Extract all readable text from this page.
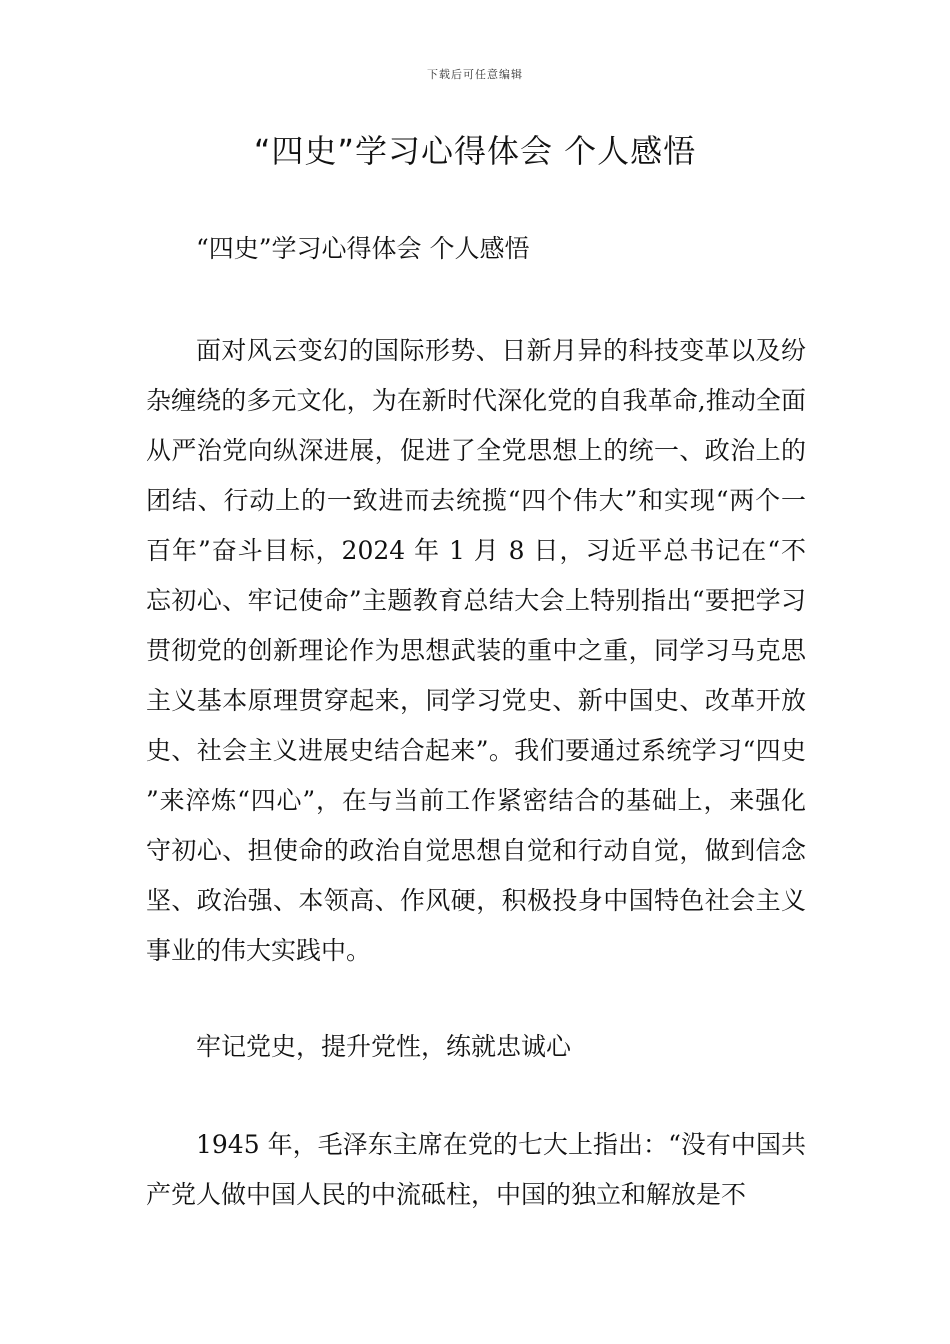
下载后可任意编辑
“四史”学习心得体会 个人感悟

“四史”学习心得体会 个人感悟

面对风云变幻的国际形势、日新月异的科技变革以及纷杂缠绕的多元文化，为在新时代深化党的自我革命,推动全面从严治党向纵深进展，促进了全党思想上的统一、政治上的团结、行动上的一致进而去统揽“四个伟大”和实现“两个一百年”奋斗目标，2024 年 1 月 8 日，习近平总书记在“不忘初心、牢记使命”主题教育总结大会上特别指出“要把学习贯彻党的创新理论作为思想武装的重中之重，同学习马克思主义基本原理贯穿起来，同学习党史、新中国史、改革开放史、社会主义进展史结合起来”。我们要通过系统学习“四史”来淬炼“四心”，在与当前工作紧密结合的基础上，来强化守初心、担使命的政治自觉思想自觉和行动自觉，做到信念坚、政治强、本领高、作风硬，积极投身中国特色社会主义事业的伟大实践中。

牢记党史，提升党性，练就忠诚心

1945 年，毛泽东主席在党的七大上指出：“没有中国共产党人做中国人民的中流砥柱，中国的独立和解放是不
